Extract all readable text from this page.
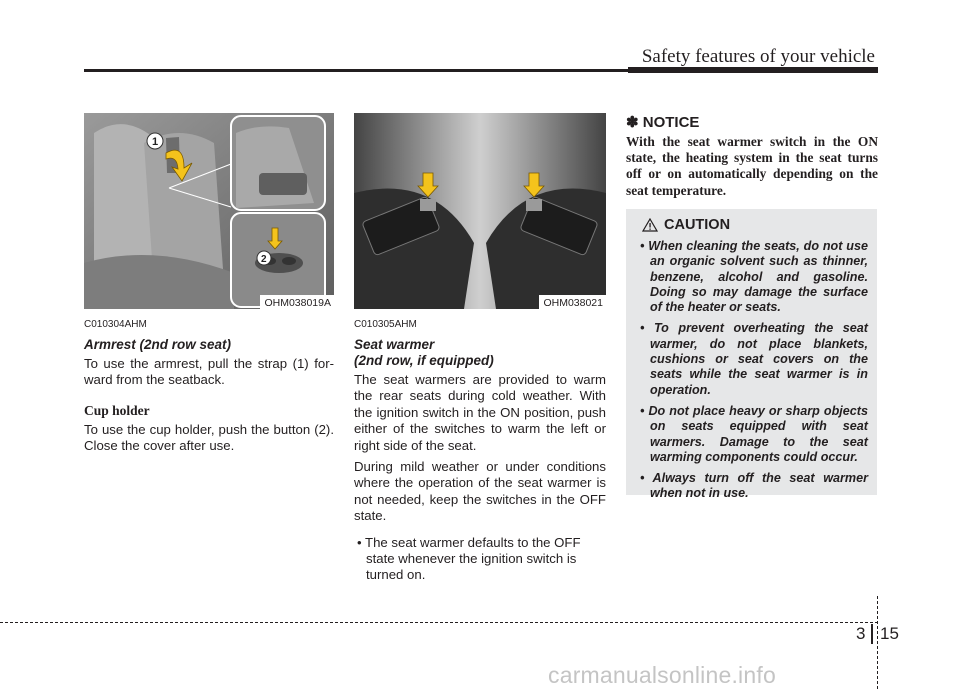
Safety features of your vehicle
1
2
OHM038019A
C010304AHM
Armrest (2nd row seat)
To use the armrest, pull the strap (1) for-ward from the seatback.
Cup holder
To use the cup holder, push the button (2). Close the cover after use.
OHM038021
C010305AHM
Seat warmer
(2nd row, if equipped)
The seat warmers are provided to warm the rear seats during cold weather. With the ignition switch in the ON position, push either of the switches to warm the left or right side of the seat.
During mild weather or under conditions where the operation of the seat warmer is not needed, keep the switches in the OFF state.
• The seat warmer defaults to the OFF state whenever the ignition switch is turned on.
✽ NOTICE
With the seat warmer switch in the ON state, the heating system in the seat turns off or on automatically depending on the seat temperature.
CAUTION
• When cleaning the seats, do not use an organic solvent such as thinner, benzene, alcohol and gasoline. Doing so may damage the surface of the heater or seats.
• To prevent overheating the seat warmer, do not place blankets, cushions or seat covers on the seats while the seat warmer is in operation.
• Do not place heavy or sharp objects on seats equipped with seat warmers. Damage to the seat warming components could occur.
• Always turn off the seat warmer when not in use.
3 15
carmanualsonline.info
